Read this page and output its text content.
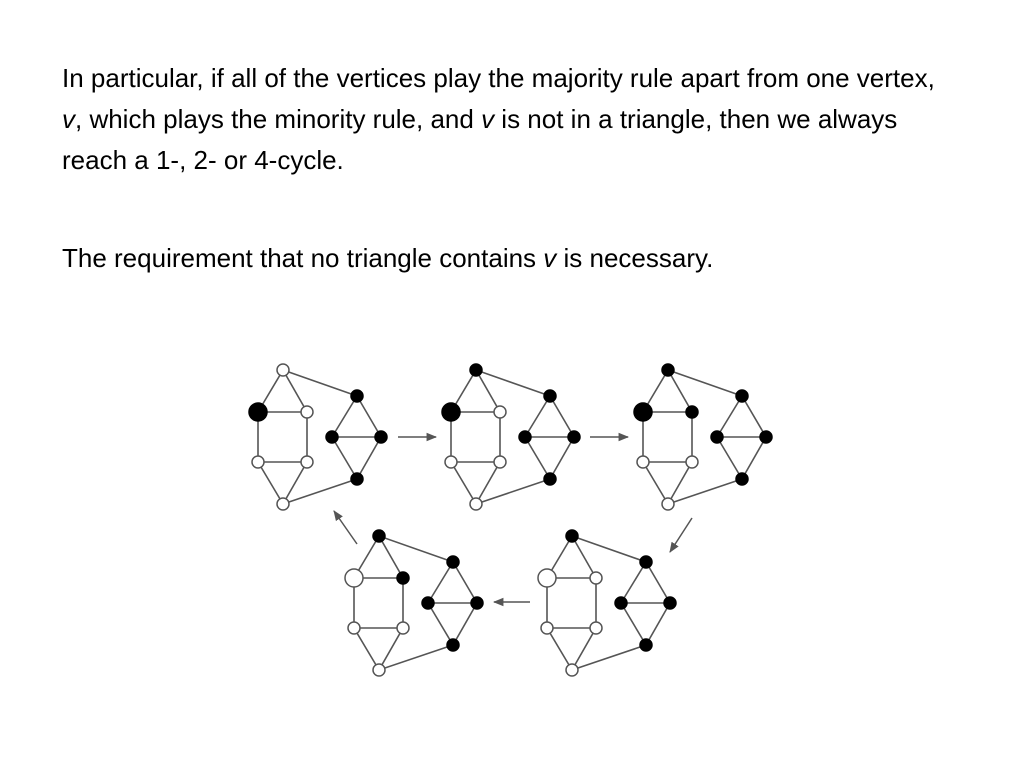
In particular, if all of the vertices play the majority rule apart from one vertex, v, which plays the minority rule, and v is not in a triangle, then we always reach a 1-, 2- or 4-cycle.

The requirement that no triangle contains v is necessary.
